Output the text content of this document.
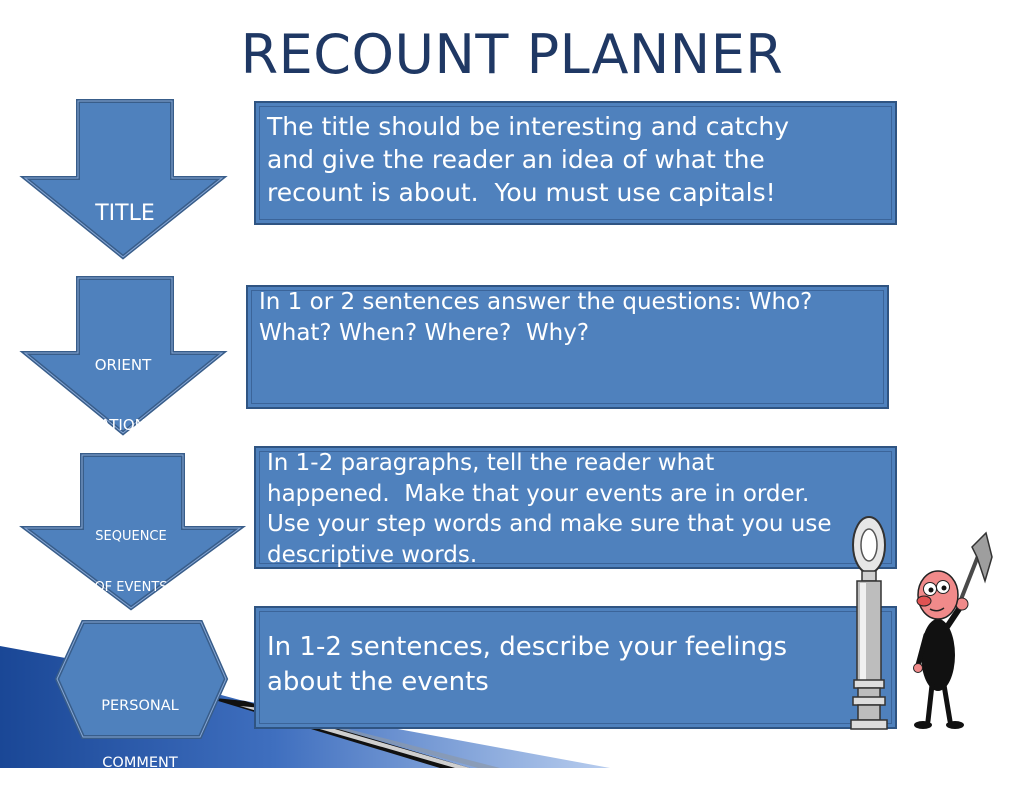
RECOUNT PLANNER

TITLE

ORIENT

ATION

SEQUENCE

OF EVENTS

PERSONAL

COMMENT

The title should be interesting and catchy
and give the reader an idea of what the
recount is about.  You must use capitals!
In 1 or 2 sentences answer the questions: Who?
What? When? Where?  Why?
In 1-2 paragraphs, tell the reader what
happened.  Make that your events are in order.
Use your step words and make sure that you use
descriptive words.
In 1-2 sentences, describe your feelings
about the events
